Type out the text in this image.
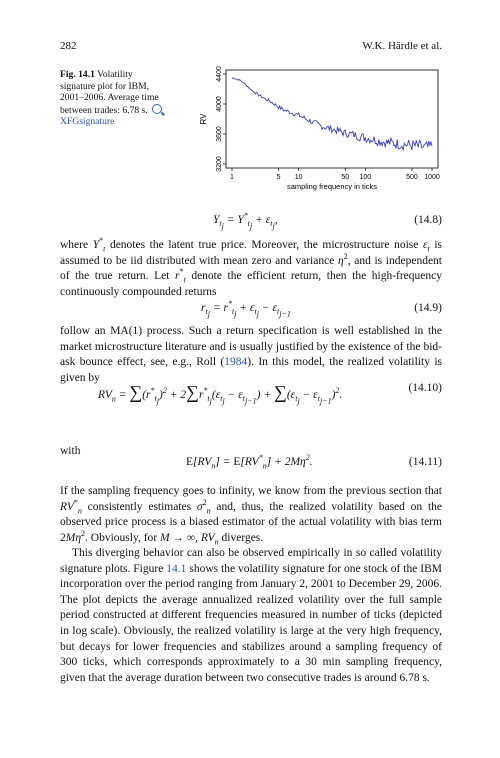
282	W.K. Härdle et al.
Fig. 14.1 Volatility signature plot for IBM, 2001–2006. Average time between trades: 6.78 s.
XFGsignature
3200
3600
4000
4400
1	5 10	50 100	500 1000
RV
sampling frequency in ticks
$Y_{t_j} = Y^*_{t_j} + \varepsilon_{t_j}$,	(14.8)
where $Y^*_t$ denotes the latent true price. Moreover, the microstructure noise $\varepsilon_t$ is assumed to be iid distributed with mean zero and variance $\eta^2$, and is independent of the true return. Let $r^*_t$ denote the efficient return, then the high-frequency continuously compounded returns
$r_{t_j} = r^*_{t_j} + \varepsilon_{t_j} - \varepsilon_{t_{j-1}}$
(14.9)
follow an MA(1) process. Such a return specification is well established in the market microstructure literature and is usually justified by the existence of the bid-ask bounce effect, see, e.g., Roll (1984). In this model, the realized volatility is given by
$RV_n = \sum(r^*_{t_j})^2 + 2\sum r^*_{t_j}(\varepsilon_{t_j} - \varepsilon_{t_{j-1}}) + \sum(\varepsilon_{t_j} - \varepsilon_{t_{j-1}})^2$.
(14.10)
with
$E[RV_n] = E[RV^*_n] + 2M\eta^2$.	(14.11)
If the sampling frequency goes to infinity, we know from the previous section that $RV^*_n$ consistently estimates $\sigma^2_n$ and, thus, the realized volatility based on the observed price process is a biased estimator of the actual volatility with bias term $2M\eta^2$. Obviously, for M → ∞, $RV_n$ diverges.
This diverging behavior can also be observed empirically in so called volatility signature plots. Figure 14.1 shows the volatility signature for one stock of the IBM incorporation over the period ranging from January 2, 2001 to December 29, 2006. The plot depicts the average annualized realized volatility over the full sample period constructed at different frequencies measured in number of ticks (depicted in log scale). Obviously, the realized volatility is large at the very high frequency, but decays for lower frequencies and stabilizes around a sampling frequency of 300 ticks, which corresponds approximately to a 30 min sampling frequency, given that the average duration between two consecutive trades is around 6.78 s.
